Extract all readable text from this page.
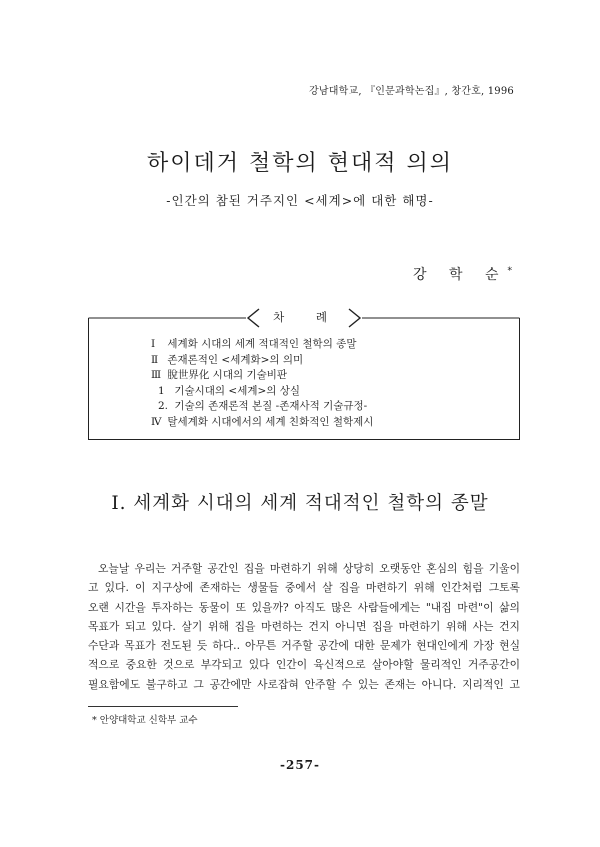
강남대학교, 『인문과학논집』, 창간호, 1996
하이데거 철학의 현대적 의의
-인간의 참된 거주지인 <세계>에 대한 해명-
강 학 순*
차 례
Ⅰ 세계화 시대의 세계 적대적인 철학의 종말
Ⅱ 존재론적인 <세계화>의 의미
Ⅲ 脫世界化 시대의 기술비판
1 기술시대의 <세계>의 상실
2. 기술의 존재론적 본질 -존재사적 기술규정-
Ⅳ 탈세계화 시대에서의 세계 친화적인 철학제시
I. 세계화 시대의 세계 적대적인 철학의 종말
오늘날 우리는 거주할 공간인 집을 마련하기 위해 상당히 오랫동안 혼심의 힘을 기울이
고 있다. 이 지구상에 존재하는 생물들 중에서 살 집을 마련하기 위해 인간처럼 그토록
오랜 시간을 투자하는 동물이 또 있을까? 아직도 많은 사람들에게는 "내집 마련"이 삶의
목표가 되고 있다. 살기 위해 집을 마련하는 건지 아니면 집을 마련하기 위해 사는 건지
수단과 목표가 전도된 듯 하다.. 아무튼 거주할 공간에 대한 문제가 현대인에게 가장 현실
적으로 중요한 것으로 부각되고 있다 인간이 육신적으로 살아야할 물리적인 거주공간이
필요함에도 불구하고 그 공간에만 사로잡혀 안주할 수 있는 존재는 아니다. 지리적인 고
* 안양대학교 신학부 교수
-257-
